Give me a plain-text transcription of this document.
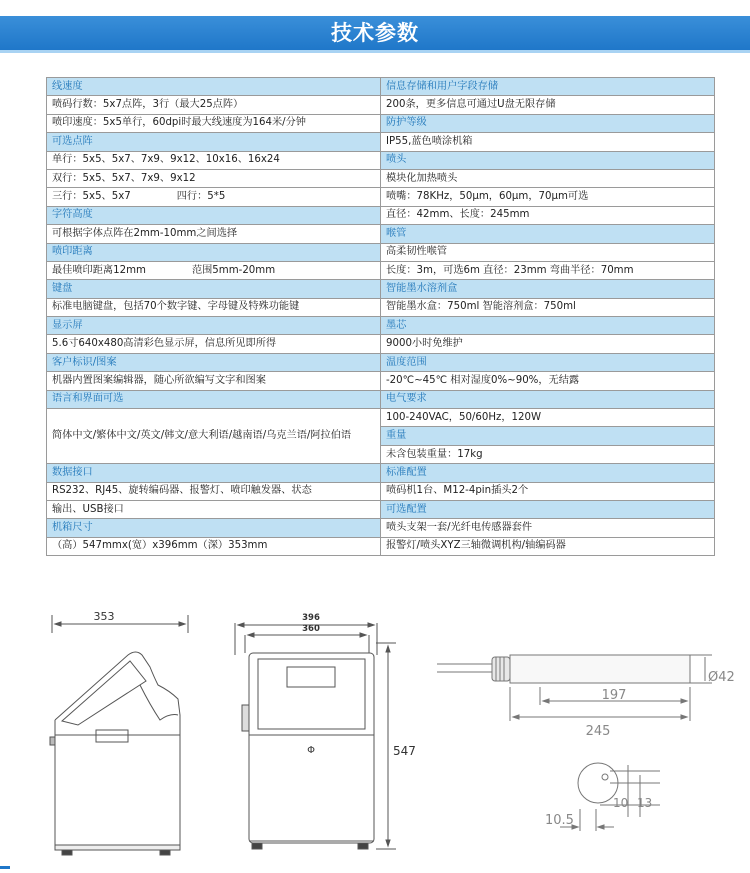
技术参数
线速度	信息存储和用户字段存储
喷码行数：5x7点阵，3行（最大25点阵）	200条，更多信息可通过U盘无限存储
喷印速度：5x5单行，60dpi时最大线速度为164米/分钟	防护等级
可选点阵	IP55,蓝色喷涂机箱
单行：5x5、5x7、7x9、9x12、10x16、16x24	喷头
双行：5x5、5x7、7x9、9x12	模块化加热喷头
三行：5x5、5x7 四行：5*5	喷嘴：78KHz，50μm，60μm，70μm可选
字符高度	直径：42mm、长度：245mm
可根据字体点阵在2mm-10mm之间选择	喉管
喷印距离	高柔韧性喉管
最佳喷印距离12mm 范围5mm-20mm	长度：3m，可选6m 直径：23mm 弯曲半径：70mm
键盘	智能墨水溶剂盒
标准电脑键盘，包括70个数字键、字母键及特殊功能键	智能墨水盒：750ml 智能溶剂盒：750ml
显示屏	墨芯
5.6寸640x480高清彩色显示屏，信息所见即所得	9000小时免维护
客户标识/图案	温度范围
机器内置图案编辑器，随心所欲编写文字和图案	-20℃~45℃ 相对湿度0%~90%，无结露
语言和界面可选	电气要求
简体中文/繁体中文/英文/韩文/意大利语/越南语/乌克兰语/阿拉伯语	100-240VAC，50/60Hz，120W
	重量
	未含包装重量：17kg
数据接口	标准配置
RS232、RJ45、旋转编码器、报警灯、喷印触发器、状态	喷码机1台、M12-4pin插头2个
输出、USB接口	可选配置
机箱尺寸	喷头支架一套/光纤电传感器套件
（高）547mmx(宽）x396mm（深）353mm	报警灯/喷头XYZ三轴微调机构/轴编码器
353	396
360
Φ	547
Ø42
197
245
10 13
10.5
